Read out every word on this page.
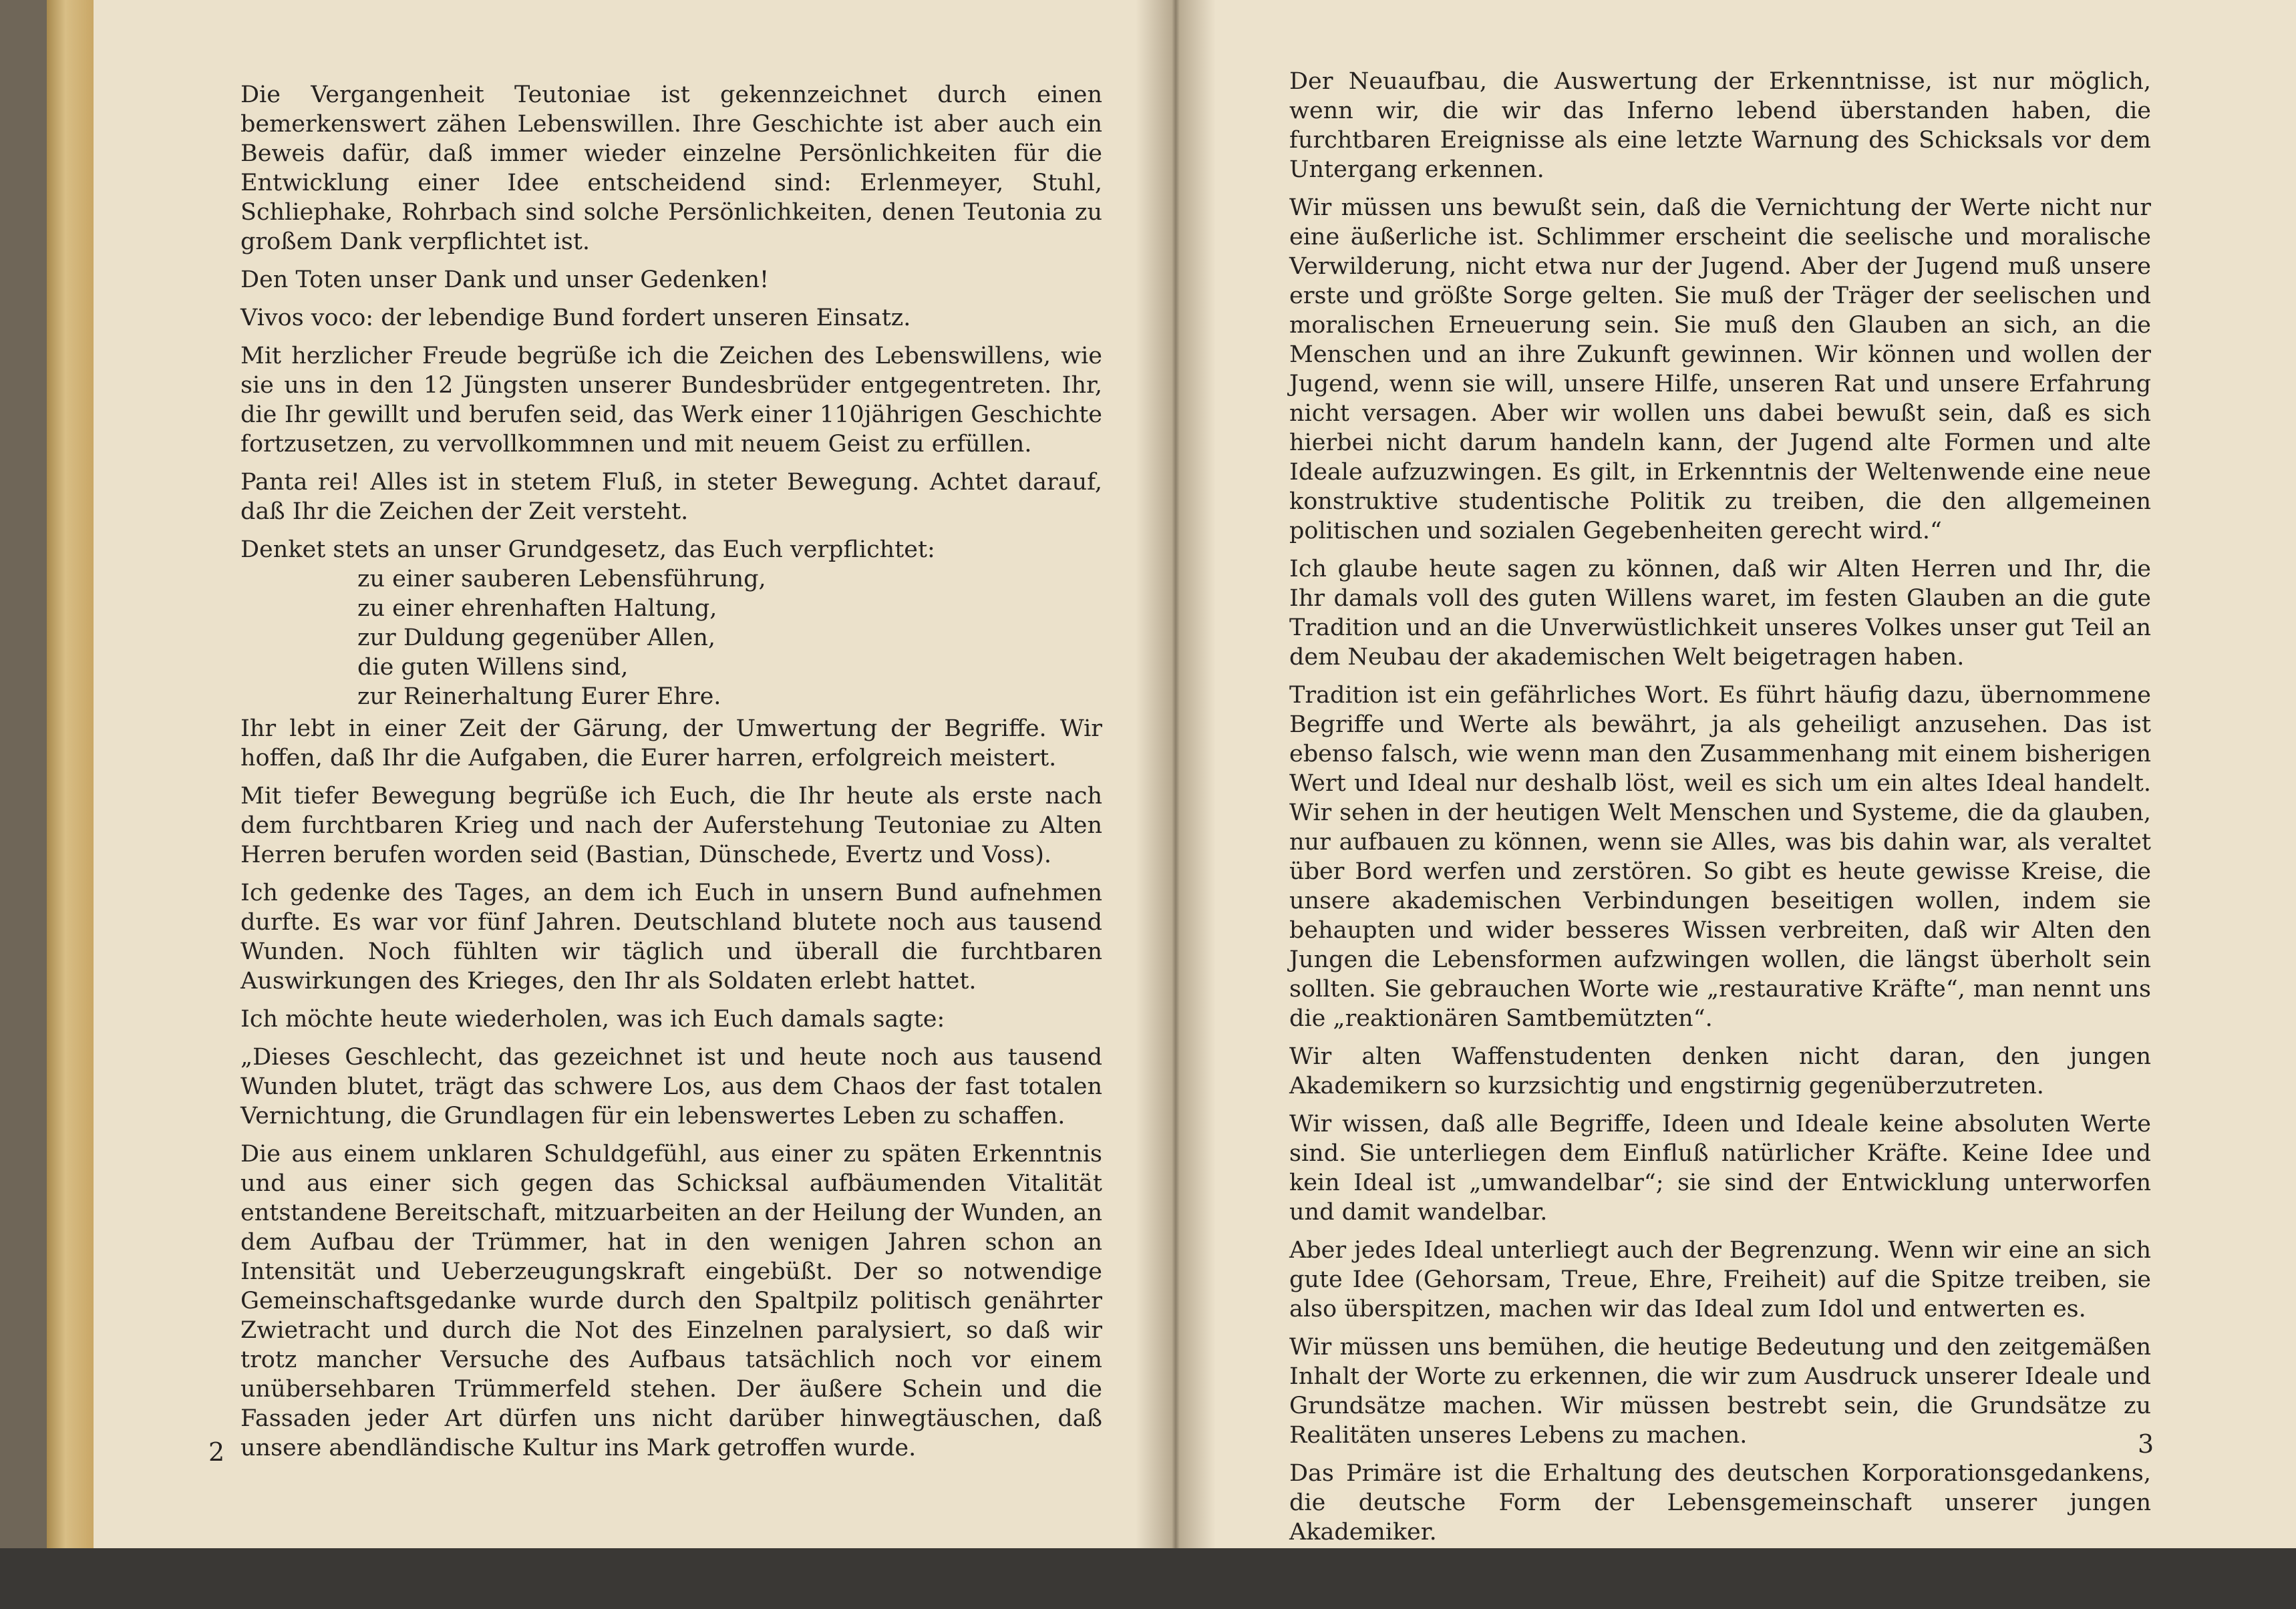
Die Vergangenheit Teutoniae ist gekennzeichnet durch einen bemerkenswert zähen Lebenswillen. Ihre Geschichte ist aber auch ein Beweis dafür, daß immer wieder einzelne Persönlichkeiten für die Entwicklung einer Idee entscheidend sind: Erlenmeyer, Stuhl, Schliephake, Rohrbach sind solche Persönlichkeiten, denen Teutonia zu großem Dank verpflichtet ist.

Den Toten unser Dank und unser Gedenken!

Vivos voco: der lebendige Bund fordert unseren Einsatz.

Mit herzlicher Freude begrüße ich die Zeichen des Lebenswillens, wie sie uns in den 12 Jüngsten unserer Bundesbrüder entgegentreten. Ihr, die Ihr gewillt und berufen seid, das Werk einer 110jährigen Geschichte fortzusetzen, zu vervollkommnen und mit neuem Geist zu erfüllen.

Panta rei! Alles ist in stetem Fluß, in steter Bewegung. Achtet darauf, daß Ihr die Zeichen der Zeit versteht.

Denket stets an unser Grundgesetz, das Euch verpflichtet:

zu einer sauberen Lebensführung,
zu einer ehrenhaften Haltung,
zur Duldung gegenüber Allen,
die guten Willens sind,
zur Reinerhaltung Eurer Ehre.

Ihr lebt in einer Zeit der Gärung, der Umwertung der Begriffe. Wir hoffen, daß Ihr die Aufgaben, die Eurer harren, erfolgreich meistert.

Mit tiefer Bewegung begrüße ich Euch, die Ihr heute als erste nach dem furchtbaren Krieg und nach der Auferstehung Teutoniae zu Alten Herren berufen worden seid (Bastian, Dünschede, Evertz und Voss).

Ich gedenke des Tages, an dem ich Euch in unsern Bund aufnehmen durfte. Es war vor fünf Jahren. Deutschland blutete noch aus tausend Wunden. Noch fühlten wir täglich und überall die furchtbaren Auswirkungen des Krieges, den Ihr als Soldaten erlebt hattet.

Ich möchte heute wiederholen, was ich Euch damals sagte:

„Dieses Geschlecht, das gezeichnet ist und heute noch aus tausend Wunden blutet, trägt das schwere Los, aus dem Chaos der fast totalen Vernichtung, die Grundlagen für ein lebenswertes Leben zu schaffen.

Die aus einem unklaren Schuldgefühl, aus einer zu späten Erkenntnis und aus einer sich gegen das Schicksal aufbäumenden Vitalität entstandene Bereitschaft, mitzuarbeiten an der Heilung der Wunden, an dem Aufbau der Trümmer, hat in den wenigen Jahren schon an Intensität und Ueberzeugungskraft eingebüßt. Der so notwendige Gemeinschaftsgedanke wurde durch den Spaltpilz politisch genährter Zwietracht und durch die Not des Einzelnen paralysiert, so daß wir trotz mancher Versuche des Aufbaus tatsächlich noch vor einem unübersehbaren Trümmerfeld stehen. Der äußere Schein und die Fassaden jeder Art dürfen uns nicht darüber hinwegtäuschen, daß unsere abendländische Kultur ins Mark getroffen wurde.

2

Der Neuaufbau, die Auswertung der Erkenntnisse, ist nur möglich, wenn wir, die wir das Inferno lebend überstanden haben, die furchtbaren Ereignisse als eine letzte Warnung des Schicksals vor dem Untergang erkennen.

Wir müssen uns bewußt sein, daß die Vernichtung der Werte nicht nur eine äußerliche ist. Schlimmer erscheint die seelische und moralische Verwilderung, nicht etwa nur der Jugend. Aber der Jugend muß unsere erste und größte Sorge gelten. Sie muß der Träger der seelischen und moralischen Erneuerung sein. Sie muß den Glauben an sich, an die Menschen und an ihre Zukunft gewinnen. Wir können und wollen der Jugend, wenn sie will, unsere Hilfe, unseren Rat und unsere Erfahrung nicht versagen. Aber wir wollen uns dabei bewußt sein, daß es sich hierbei nicht darum handeln kann, der Jugend alte Formen und alte Ideale aufzuzwingen. Es gilt, in Erkenntnis der Weltenwende eine neue konstruktive studentische Politik zu treiben, die den allgemeinen politischen und sozialen Gegebenheiten gerecht wird.“

Ich glaube heute sagen zu können, daß wir Alten Herren und Ihr, die Ihr damals voll des guten Willens waret, im festen Glauben an die gute Tradition und an die Unverwüstlichkeit unseres Volkes unser gut Teil an dem Neubau der akademischen Welt beigetragen haben.

Tradition ist ein gefährliches Wort. Es führt häufig dazu, übernommene Begriffe und Werte als bewährt, ja als geheiligt anzusehen. Das ist ebenso falsch, wie wenn man den Zusammenhang mit einem bisherigen Wert und Ideal nur deshalb löst, weil es sich um ein altes Ideal handelt. Wir sehen in der heutigen Welt Menschen und Systeme, die da glauben, nur aufbauen zu können, wenn sie Alles, was bis dahin war, als veraltet über Bord werfen und zerstören. So gibt es heute gewisse Kreise, die unsere akademischen Verbindungen beseitigen wollen, indem sie behaupten und wider besseres Wissen verbreiten, daß wir Alten den Jungen die Lebensformen aufzwingen wollen, die längst überholt sein sollten. Sie gebrauchen Worte wie „restaurative Kräfte“, man nennt uns die „reaktionären Samtbemützten“.

Wir alten Waffenstudenten denken nicht daran, den jungen Akademikern so kurzsichtig und engstirnig gegenüberzutreten.

Wir wissen, daß alle Begriffe, Ideen und Ideale keine absoluten Werte sind. Sie unterliegen dem Einfluß natürlicher Kräfte. Keine Idee und kein Ideal ist „umwandelbar“; sie sind der Entwicklung unterworfen und damit wandelbar.

Aber jedes Ideal unterliegt auch der Begrenzung. Wenn wir eine an sich gute Idee (Gehorsam, Treue, Ehre, Freiheit) auf die Spitze treiben, sie also überspitzen, machen wir das Ideal zum Idol und entwerten es.

Wir müssen uns bemühen, die heutige Bedeutung und den zeitgemäßen Inhalt der Worte zu erkennen, die wir zum Ausdruck unserer Ideale und Grundsätze machen. Wir müssen bestrebt sein, die Grundsätze zu Realitäten unseres Lebens zu machen.

Das Primäre ist die Erhaltung des deutschen Korporationsgedankens, die deutsche Form der Lebensgemeinschaft unserer jungen Akademiker.

3
